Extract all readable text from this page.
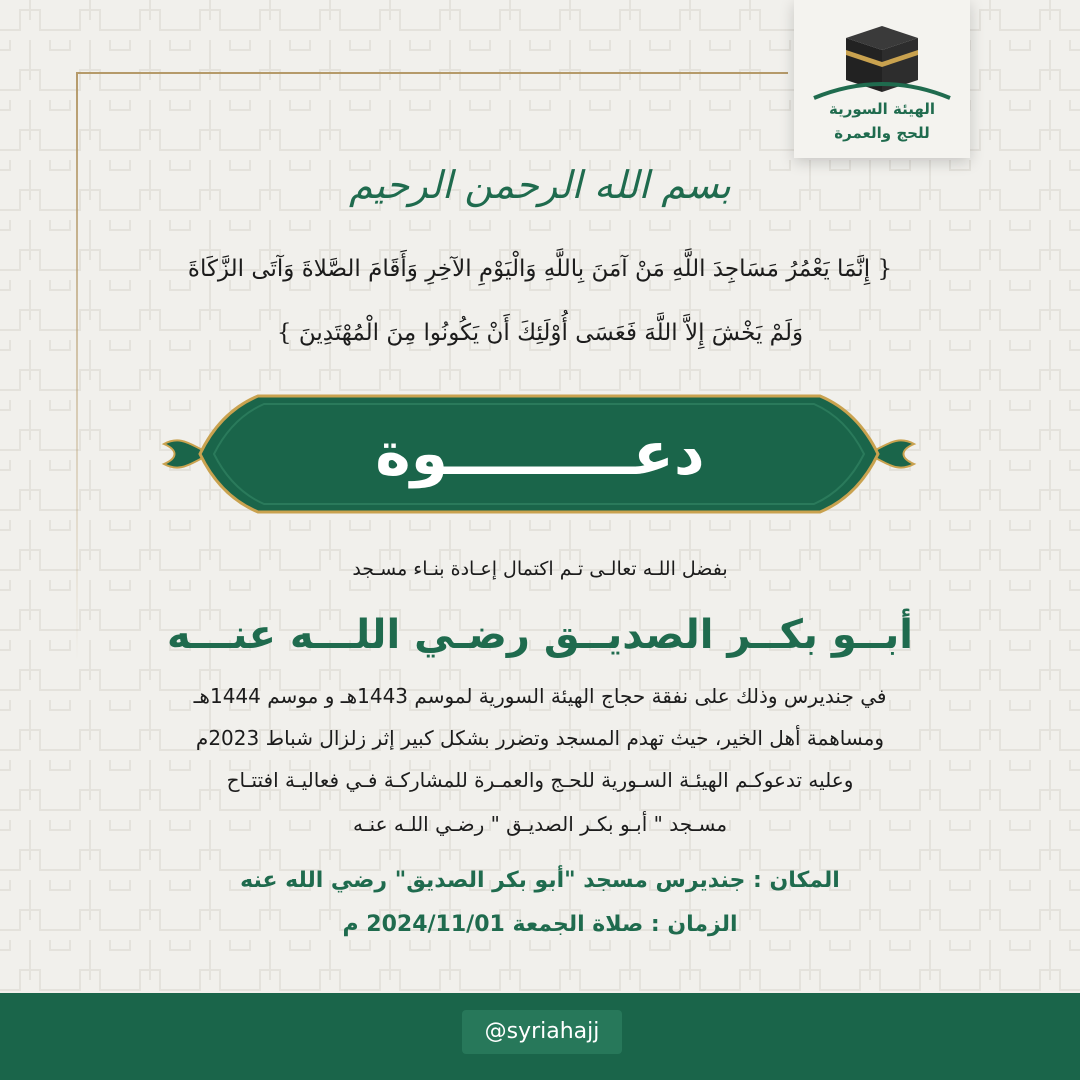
الهيئة السورية
للحج والعمرة
بسم الله الرحمن الرحيم
{ إِنَّمَا يَعْمُرُ مَسَاجِدَ اللَّهِ مَنْ آمَنَ بِاللَّهِ وَالْيَوْمِ الآخِرِ وَأَقَامَ الصَّلاةَ وَآتَى الزَّكَاةَ
وَلَمْ يَخْشَ إِلاَّ اللَّهَ فَعَسَى أُوْلَئِكَ أَنْ يَكُونُوا مِنَ الْمُهْتَدِينَ }
دعـــــــــوة
بفضل اللـه تعالـى تـم اكتمال إعـادة بنـاء مسـجد
أبــو بكــر الصديــق رضـي اللـــه عنـــه
في جنديرس وذلك على نفقة حجاج الهيئة السورية لموسم 1443هـ و موسم 1444هـ
ومساهمة أهل الخير، حيث تهدم المسجد وتضرر بشكل كبير إثر زلزال شباط 2023م
وعليه تدعوكـم الهيئـة السـورية للحـج والعمـرة للمشاركـة فـي فعاليـة افتتـاح
مسـجد " أبـو بكـر الصديـق " رضـي اللـه عنـه
المكان : جنديرس مسجد "أبو بكر الصديق" رضي الله عنه
الزمان : صلاة الجمعة 2024/11/01 م
@syriahajj
